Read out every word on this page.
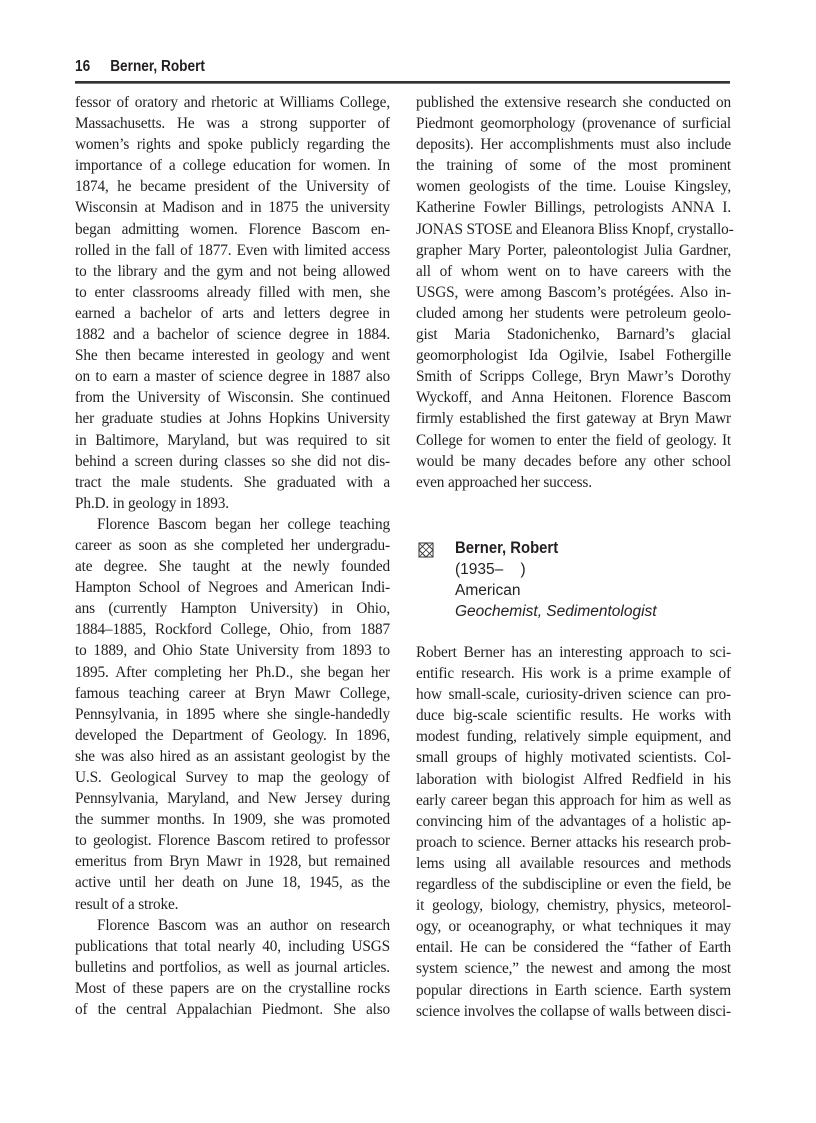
16 Berner, Robert
fessor of oratory and rhetoric at Williams College,
Massachusetts. He was a strong supporter of
women’s rights and spoke publicly regarding the
importance of a college education for women. In
1874, he became president of the University of
Wisconsin at Madison and in 1875 the university
began admitting women. Florence Bascom en-
rolled in the fall of 1877. Even with limited access
to the library and the gym and not being allowed
to enter classrooms already filled with men, she
earned a bachelor of arts and letters degree in
1882 and a bachelor of science degree in 1884.
She then became interested in geology and went
on to earn a master of science degree in 1887 also
from the University of Wisconsin. She continued
her graduate studies at Johns Hopkins University
in Baltimore, Maryland, but was required to sit
behind a screen during classes so she did not dis-
tract the male students. She graduated with a
Ph.D. in geology in 1893.
Florence Bascom began her college teaching
career as soon as she completed her undergradu-
ate degree. She taught at the newly founded
Hampton School of Negroes and American Indi-
ans (currently Hampton University) in Ohio,
1884–1885, Rockford College, Ohio, from 1887
to 1889, and Ohio State University from 1893 to
1895. After completing her Ph.D., she began her
famous teaching career at Bryn Mawr College,
Pennsylvania, in 1895 where she single-handedly
developed the Department of Geology. In 1896,
she was also hired as an assistant geologist by the
U.S. Geological Survey to map the geology of
Pennsylvania, Maryland, and New Jersey during
the summer months. In 1909, she was promoted
to geologist. Florence Bascom retired to professor
emeritus from Bryn Mawr in 1928, but remained
active until her death on June 18, 1945, as the
result of a stroke.
Florence Bascom was an author on research
publications that total nearly 40, including USGS
bulletins and portfolios, as well as journal articles.
Most of these papers are on the crystalline rocks
of the central Appalachian Piedmont. She also
published the extensive research she conducted on
Piedmont geomorphology (provenance of surficial
deposits). Her accomplishments must also include
the training of some of the most prominent
women geologists of the time. Louise Kingsley,
Katherine Fowler Billings, petrologists ANNA I.
JONAS STOSE and Eleanora Bliss Knopf, crystallo-
grapher Mary Porter, paleontologist Julia Gardner,
all of whom went on to have careers with the
USGS, were among Bascom’s protégées. Also in-
cluded among her students were petroleum geolo-
gist Maria Stadonichenko, Barnard’s glacial
geomorphologist Ida Ogilvie, Isabel Fothergille
Smith of Scripps College, Bryn Mawr’s Dorothy
Wyckoff, and Anna Heitonen. Florence Bascom
firmly established the first gateway at Bryn Mawr
College for women to enter the field of geology. It
would be many decades before any other school
even approached her success.
Berner, Robert
(1935–    )
American
Geochemist, Sedimentologist
Robert Berner has an interesting approach to sci-
entific research. His work is a prime example of
how small-scale, curiosity-driven science can pro-
duce big-scale scientific results. He works with
modest funding, relatively simple equipment, and
small groups of highly motivated scientists. Col-
laboration with biologist Alfred Redfield in his
early career began this approach for him as well as
convincing him of the advantages of a holistic ap-
proach to science. Berner attacks his research prob-
lems using all available resources and methods
regardless of the subdiscipline or even the field, be
it geology, biology, chemistry, physics, meteorol-
ogy, or oceanography, or what techniques it may
entail. He can be considered the “father of Earth
system science,” the newest and among the most
popular directions in Earth science. Earth system
science involves the collapse of walls between disci-
